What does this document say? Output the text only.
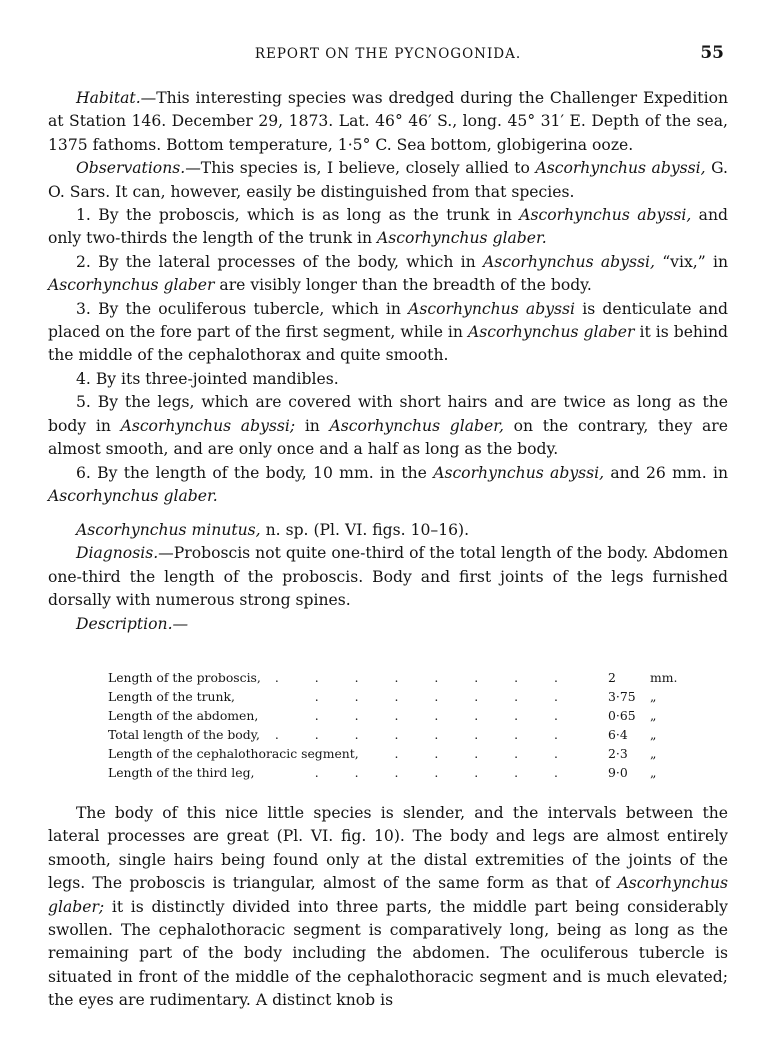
REPORT ON THE PYCNOGONIDA.	55

Habitat.—This interesting species was dredged during the Challenger Expedition at Station 146. December 29, 1873. Lat. 46° 46′ S., long. 45° 31′ E. Depth of the sea, 1375 fathoms. Bottom temperature, 1·5° C. Sea bottom, globigerina ooze.

Observations.—This species is, I believe, closely allied to Ascorhynchus abyssi, G. O. Sars. It can, however, easily be distinguished from that species.

1. By the proboscis, which is as long as the trunk in Ascorhynchus abyssi, and only two-thirds the length of the trunk in Ascorhynchus glaber.

2. By the lateral processes of the body, which in Ascorhynchus abyssi, “vix,” in Ascorhynchus glaber are visibly longer than the breadth of the body.

3. By the oculiferous tubercle, which in Ascorhynchus abyssi is denticulate and placed on the fore part of the first segment, while in Ascorhynchus glaber it is behind the middle of the cephalothorax and quite smooth.

4. By its three-jointed mandibles.

5. By the legs, which are covered with short hairs and are twice as long as the body in Ascorhynchus abyssi; in Ascorhynchus glaber, on the contrary, they are almost smooth, and are only once and a half as long as the body.

6. By the length of the body, 10 mm. in the Ascorhynchus abyssi, and 26 mm. in Ascorhynchus glaber.

Ascorhynchus minutus, n. sp. (Pl. VI. figs. 10–16).

Diagnosis.—Proboscis not quite one-third of the total length of the body. Abdomen one-third the length of the proboscis. Body and first joints of the legs furnished dorsally with numerous strong spines.

Description.—

Length of the proboscis, . . . . . . . .	2	mm.
Length of the trunk,	. . . . . . .	3·75	„
Length of the abdomen,	. . . . . . .	0·65	„
Total length of the body, . . . . . . . .	6·4	„
Length of the cephalothoracic segment,	. . . . .	2·3	„
Length of the third leg,	. . . . . . .	9·0	„

The body of this nice little species is slender, and the intervals between the lateral processes are great (Pl. VI. fig. 10). The body and legs are almost entirely smooth, single hairs being found only at the distal extremities of the joints of the legs. The proboscis is triangular, almost of the same form as that of Ascorhynchus glaber; it is distinctly divided into three parts, the middle part being considerably swollen. The cephalothoracic segment is comparatively long, being as long as the remaining part of the body including the abdomen. The oculiferous tubercle is situated in front of the middle of the cephalothoracic segment and is much elevated; the eyes are rudimentary. A distinct knob is
